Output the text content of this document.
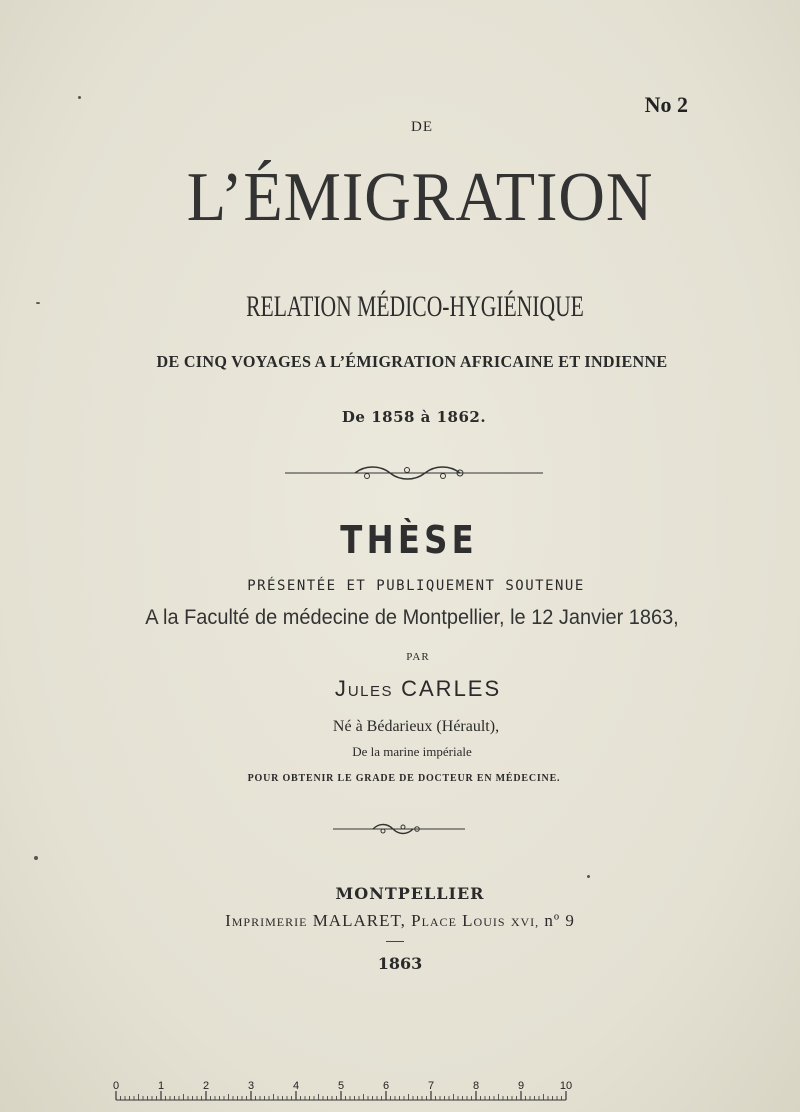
No 2
DE
L’ÉMIGRATION
RELATION MÉDICO-HYGIÉNIQUE
DE CINQ VOYAGES A L’ÉMIGRATION AFRICAINE ET INDIENNE
De 1858 à 1862.
THÈSE
PRÉSENTÉE ET PUBLIQUEMENT SOUTENUE
A la Faculté de médecine de Montpellier, le 12 Janvier 1863,
PAR
JULES CARLES
Né à Bédarieux (Hérault),
De la marine impériale
POUR OBTENIR LE GRADE DE DOCTEUR EN MÉDECINE.
MONTPELLIER
IMPRIMERIE MALARET, PLACE LOUIS XVI, nº 9
1863
0	1	2	3	4	5	6	7	8	9	10
